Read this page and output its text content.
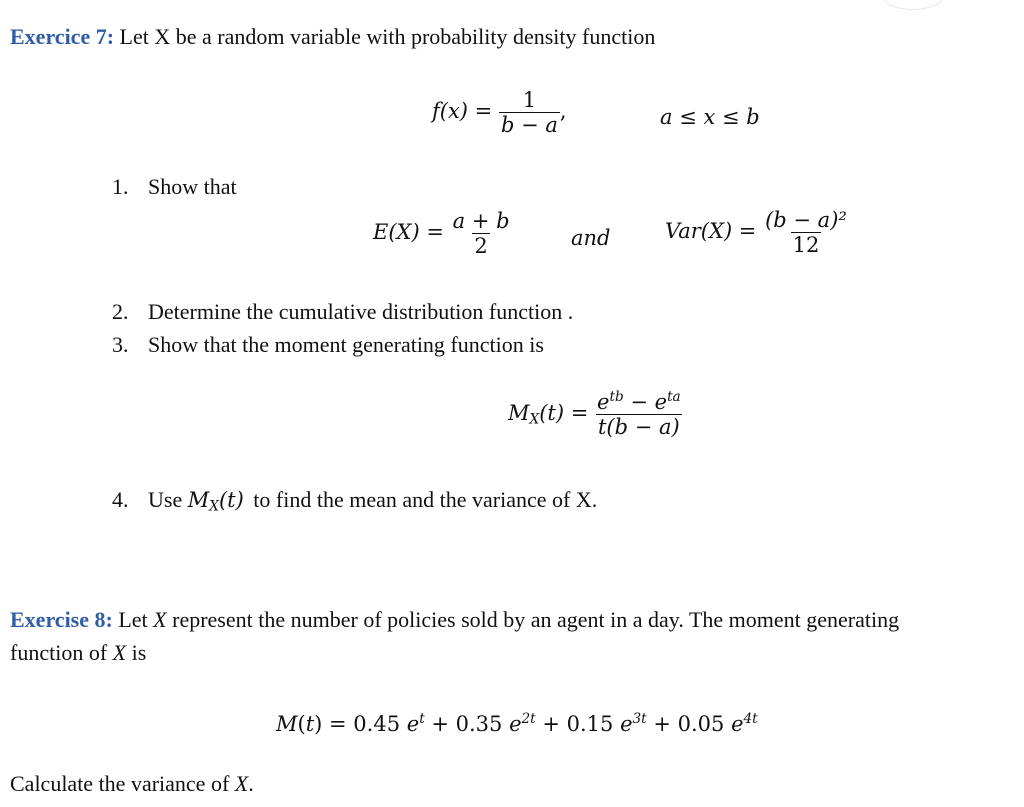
Exercice 7: Let X be a random variable with probability density function
$f(x) = \frac{1}{b - a}$ ,	a ≤ x ≤ b
1. Show that
$E(X) = \frac{a + b}{2}$	and	$Var(X) = \frac{\text{(b − a)²}}{12}$
2. Determine the cumulative distribution function .
3. Show that the moment generating function is
$M_X(t) = \frac{e^{tb} - e^{ta}}{t(b - a)}$
4. Use $M_X(t)$ to find the mean and the variance of X.
Exercise 8: Let X represent the number of policies sold by an agent in a day. The moment generating
function of X is
M(t) = 0.45 $e^t + 0.35$ $e^{2t} + 0.15$ $e^{3t} + 0.05$ $e^{4t}$
Calculate the variance of X.
